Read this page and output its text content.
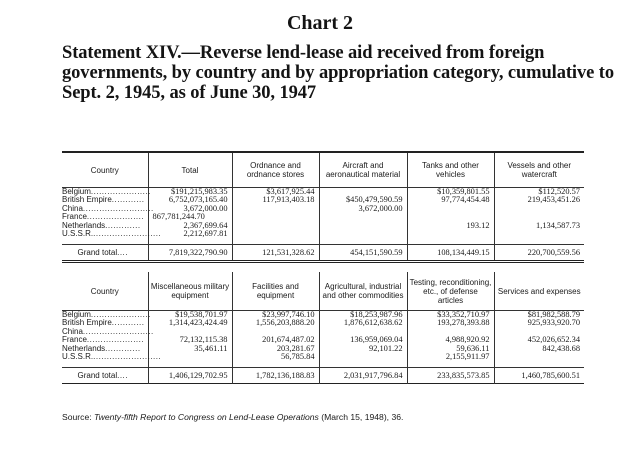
Chart 2
Statement XIV.—Reverse lend-lease aid received from foreign governments, by country and by appropriation category, cumulative to Sept. 2, 1945, as of June 30, 1947
Country	Total	Ordnance and ordnance stores	Aircraft and aeronautical material	Tanks and other vehicles	Vessels and other watercraft
Belgium......................	$191,215,983.35	$3,617,925.44		$10,359,801.55	$112,520.57
British Empire............	6,752,073,165.40	117,913,403.18	$450,479,590.59	97,774,454.48	219,453,451.26
China..........................	3,672,000.00		3,672,000.00		
France.....................	867,781,244.70				
Netherlands.............	2,367,699.64			193.12	1,134,587.73
U.S.S.R..........................	2,212,697.81				

Grand total....	7,819,322,790.90	121,531,328.62	454,151,590.59	108,134,449.15	220,700,559.56
Country	Miscellaneous military equipment	Facilities and equipment	Agricultural, industrial and other commodities	Testing, reconditioning, etc., of defense articles	Services and expenses
Belgium......................	$19,538,701.97	$23,997,746.10	$18,253,987.96	$33,352,710.97	$81,982,588.79
British Empire............	1,314,423,424.49	1,556,203,888.20	1,876,612,638.62	193,278,393.88	925,933,920.70
China..........................					
France.....................	72,132,115.38	201,674,487.02	136,959,069.04	4,988,920.92	452,026,652.34
Netherlands.............	35,461.11	203,281.67	92,101.22	59,636.11	842,438.68
U.S.S.R..........................		56,785.84		2,155,911.97	

Grand total....	1,406,129,702.95	1,782,136,188.83	2,031,917,796.84	233,835,573.85	1,460,785,600.51

Source: Twenty-fifth Report to Congress on Lend-Lease Operations (March 15, 1948), 36.
